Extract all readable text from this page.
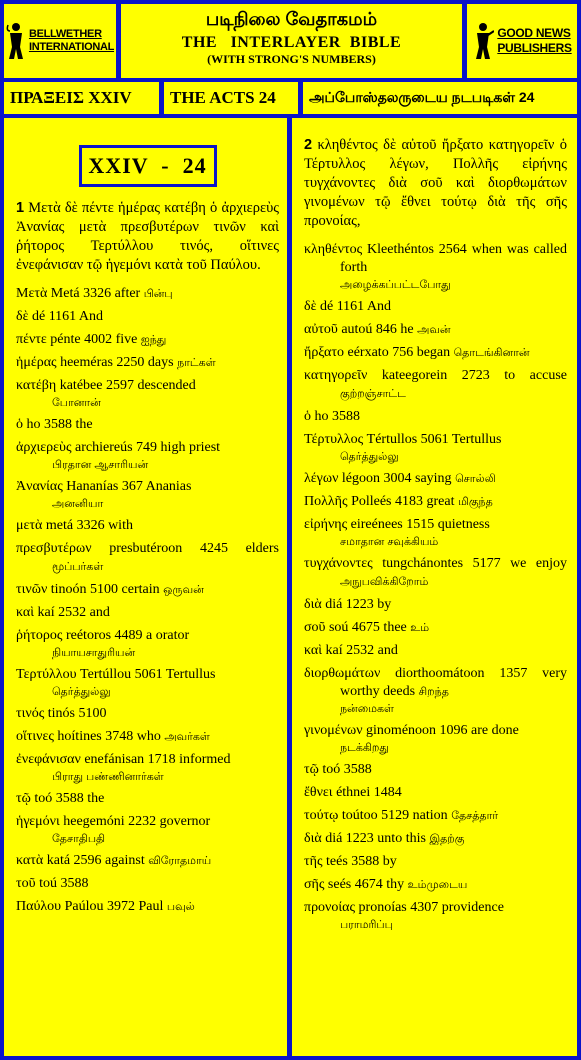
BELLWETHER
INTERNATIONAL
படிநிலை வேதாகமம்
THE   INTERLAYER  BIBLE
(WITH STRONG'S NUMBERS)
GOOD NEWS
PUBLISHERS
ΠΡΑΞΕΙΣ XXIV THE ACTS 24 அப்போஸ்தலருடைய நடபடிகள் 24
XXIV  -  24
1 Μετὰ δὲ πέντε ἡμέρας κατέβη ὁ ἀρχιερεὺς Ἀνανίας μετὰ πρεσβυτέρων τινῶν καὶ ῥήτορος Τερτύλλου τινός, οἵτινες ἐνεφάνισαν τῷ ἡγεμόνι κατὰ τοῦ Παύλου.
Μετὰ Metá 3326 after பின்பு
δὲ dé 1161 And
πέντε pénte 4002 five ஐந்து
ἡμέρας heeméras 2250 days நாட்கள்
κατέβη katébee 2597 descended
போனான்
ὁ ho 3588 the
ἀρχιερεὺς archiereús 749 high priest
பிரதான ஆசாரியன்
Ἀνανίας Hananías 367 Ananias
அனனியா
μετὰ metá 3326 with
πρεσβυτέρων presbutéroon 4245 elders மூப்பர்கள்
τινῶν tinoón 5100 certain ஒருவன்
καὶ kaí 2532 and
ῥήτορος reétoros 4489 a orator
நியாயசாதுரியன்
Τερτύλλου Tertúllou 5061 Tertullus
தெர்த்துல்லு
τινός tinós 5100
οἵτινες hoítines 3748 who அவர்கள்
ἐνεφάνισαν enefánisan 1718 informed
பிராது பண்ணினார்கள்
τῷ toó 3588 the
ἡγεμόνι heegemóni 2232 governor
தேசாதிபதி
κατὰ katá 2596 against விரோதமாய்
τοῦ toú 3588
Παύλου Paúlou 3972 Paul பவுல்
2 κληθέντος δὲ αὐτοῦ ἤρξατο κατηγορεῖν ὁ Τέρτυλλος λέγων, Πολλῆς εἰρήνης τυγχάνοντες διὰ σοῦ καὶ διορθωμάτων γινομένων τῷ ἔθνει τούτῳ διὰ τῆς σῆς προνοίας,
κληθέντος Kleethéntos 2564 when was called forth
அழைக்கப்பட்டபோது
δὲ dé 1161 And
αὐτοῦ autoú 846 he அவன்
ἤρξατο eérxato 756 began தொடங்கினான்
κατηγορεῖν kateegorein 2723 to accuse குற்றஞ்சாட்ட
ὁ ho 3588
Τέρτυλλος Tértullos 5061 Tertullus
தெர்த்துல்லு
λέγων légoon 3004 saying சொல்லி
Πολλῆς Polleés 4183 great மிகுந்த
εἰρήνης eireénees 1515 quietness
சமாதான சவுக்கியம்
τυγχάνοντες tungchánontes 5177 we enjoy அநுபவிக்கிறோம்
διὰ diá 1223 by
σοῦ soú 4675 thee உம்
καὶ kaí 2532 and
διορθωμάτων diorthoomátoon 1357 very worthy deeds சிறந்த
நன்மைகள்
γινομένων ginoménoon 1096 are done
நடக்கிறது
τῷ toó 3588
ἔθνει éthnei 1484
τούτῳ toútoo 5129 nation தேசத்தார்
διὰ diá 1223 unto this இதற்கு
τῆς teés 3588 by
σῆς seés 4674 thy உம்முடைய
προνοίας pronoías 4307 providence
பராமரிப்பு
